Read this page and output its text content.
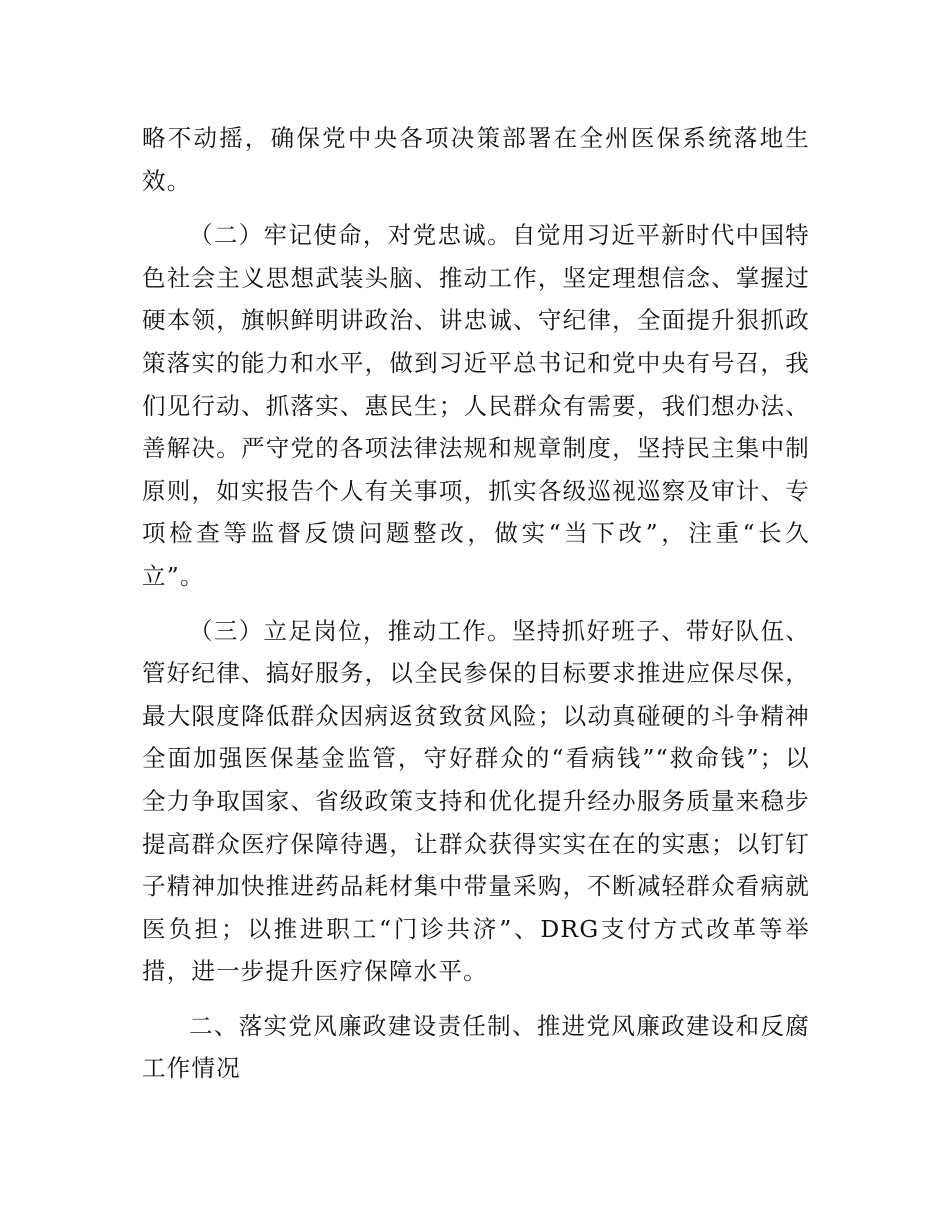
略不动摇，确保党中央各项决策部署在全州医保系统落地生效。

（二）牢记使命，对党忠诚。自觉用习近平新时代中国特色社会主义思想武装头脑、推动工作，坚定理想信念、掌握过硬本领，旗帜鲜明讲政治、讲忠诚、守纪律，全面提升狠抓政策落实的能力和水平，做到习近平总书记和党中央有号召，我们见行动、抓落实、惠民生；人民群众有需要，我们想办法、善解决。严守党的各项法律法规和规章制度，坚持民主集中制原则，如实报告个人有关事项，抓实各级巡视巡察及审计、专项检查等监督反馈问题整改，做实“当下改”，注重“长久立”。

（三）立足岗位，推动工作。坚持抓好班子、带好队伍、管好纪律、搞好服务，以全民参保的目标要求推进应保尽保，最大限度降低群众因病返贫致贫风险；以动真碰硬的斗争精神全面加强医保基金监管，守好群众的“看病钱”“救命钱”；以全力争取国家、省级政策支持和优化提升经办服务质量来稳步提高群众医疗保障待遇，让群众获得实实在在的实惠；以钉钉子精神加快推进药品耗材集中带量采购，不断减轻群众看病就医负担；以推进职工“门诊共济”、DRG支付方式改革等举措，进一步提升医疗保障水平。

二、落实党风廉政建设责任制、推进党风廉政建设和反腐工作情况
